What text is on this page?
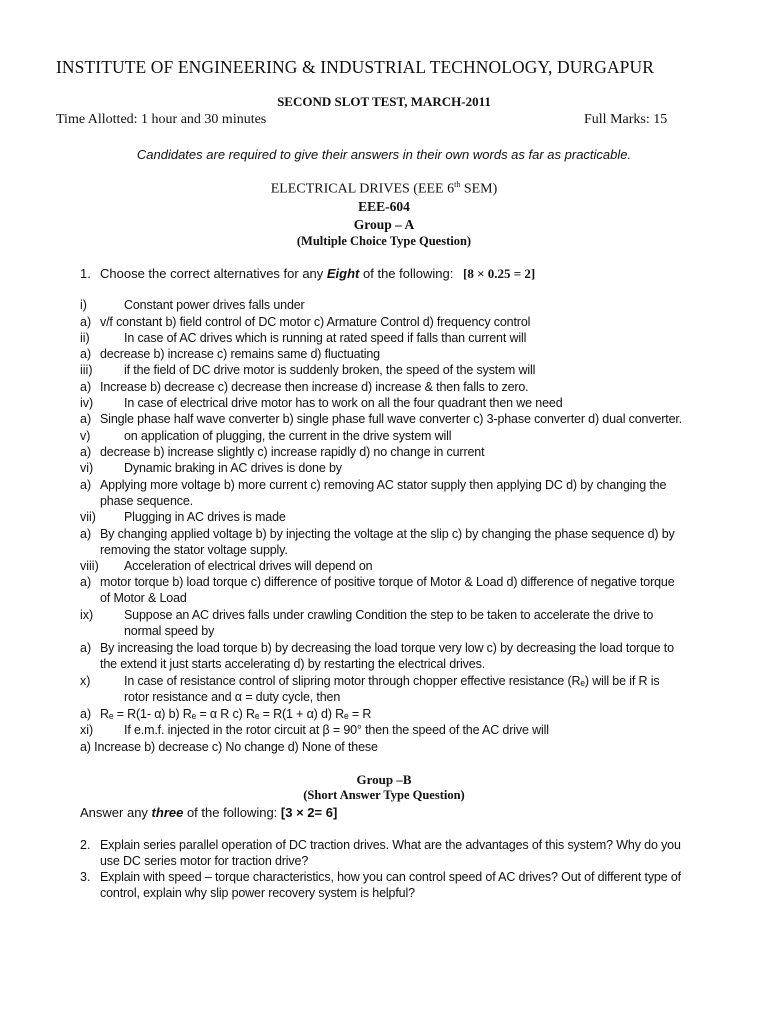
INSTITUTE OF ENGINEERING & INDUSTRIAL TECHNOLOGY, DURGAPUR
SECOND SLOT TEST, MARCH-2011
Time Allotted: 1 hour and 30 minutes	Full Marks: 15
Candidates are required to give their answers in their own words as far as practicable.
ELECTRICAL DRIVES (EEE 6th SEM)
EEE-604
Group – A
(Multiple Choice Type Question)
1. Choose the correct alternatives for any Eight of the following: [8 × 0.25 = 2]
i)	Constant power drives falls under
a) v/f constant b) field control of DC motor c) Armature Control d) frequency control
ii)	In case of AC drives which is running at rated speed if falls than current will
a) decrease b) increase c) remains same d) fluctuating
iii)	if the field of DC drive motor is suddenly broken, the speed of the system will
a) Increase b) decrease c) decrease then increase d) increase & then falls to zero.
iv) In case of electrical drive motor has to work on all the four quadrant then we need
a) Single phase half wave converter b) single phase full wave converter c) 3-phase converter d) dual converter.
v)	on application of plugging, the current in the drive system will
a) decrease b) increase slightly c) increase rapidly d) no change in current
vi) Dynamic braking in AC drives is done by
a) Applying more voltage b) more current c) removing AC stator supply then applying DC d) by changing the
phase sequence.
vii) Plugging in AC drives is made
a) By changing applied voltage b) by injecting the voltage at the slip c) by changing the phase sequence d) by
removing the stator voltage supply.
viii) Acceleration of electrical drives will depend on
a) motor torque b) load torque c) difference of positive torque of Motor & Load d) difference of negative torque
of Motor & Load
ix) Suppose an AC drives falls under crawling Condition the step to be taken to accelerate the drive to
normal speed by
a) By increasing the load torque b) by decreasing the load torque very low c) by decreasing the load torque to
the extend it just starts accelerating d) by restarting the electrical drives.
x)	In case of resistance control of slipring motor through chopper effective resistance (Rₑ) will be if R is
rotor resistance and α = duty cycle, then
a) Rₑ = R(1- α) b) Rₑ = α R c) Rₑ = R(1 + α) d) Rₑ = R
xi) If e.m.f. injected in the rotor circuit at β = 90° then the speed of the AC drive will
a) Increase b) decrease c) No change d) None of these
Group –B
(Short Answer Type Question)
Answer any three of the following: [3 × 2= 6]
2. Explain series parallel operation of DC traction drives. What are the advantages of this system? Why do you
use DC series motor for traction drive?
3. Explain with speed – torque characteristics, how you can control speed of AC drives? Out of different type of
control, explain why slip power recovery system is helpful?
